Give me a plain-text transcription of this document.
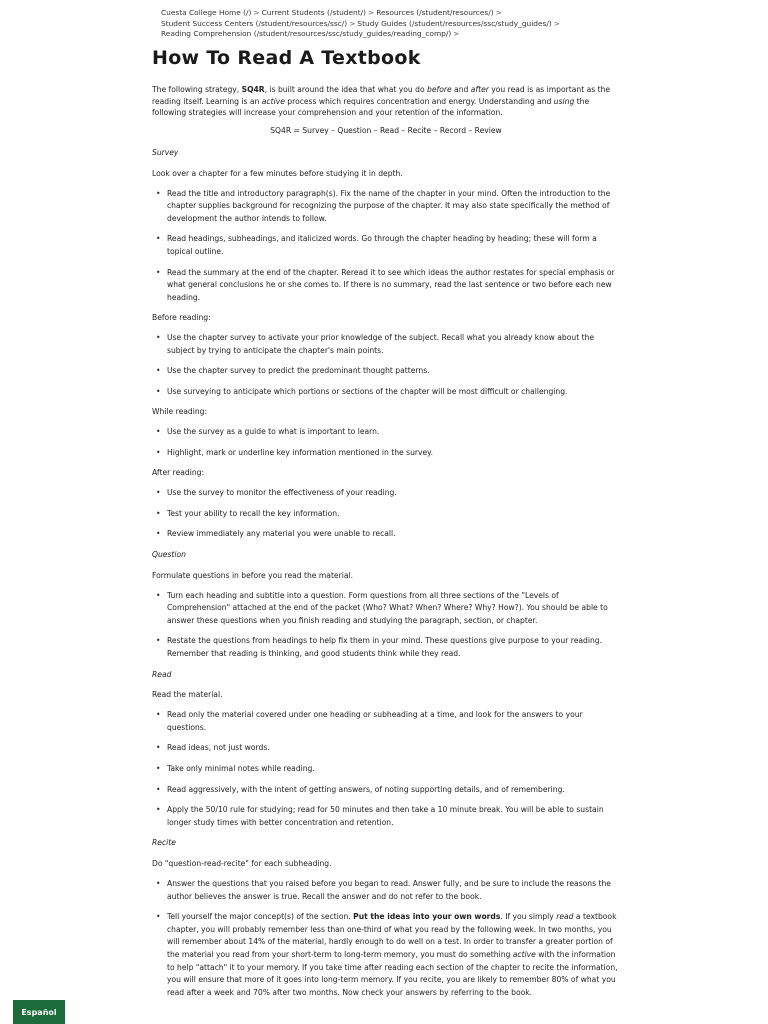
Cuesta College Home (/) > Current Students (/student/) > Resources (/student/resources/) >
Student Success Centers (/student/resources/ssc/) > Study Guides (/student/resources/ssc/study_guides/) >
Reading Comprehension (/student/resources/ssc/study_guides/reading_comp/) >
How To Read A Textbook

The following strategy, SQ4R, is built around the idea that what you do before and after you read is as important as the reading itself. Learning is an active process which requires concentration and energy. Understanding and using the following strategies will increase your comprehension and your retention of the information.

SQ4R = Survey – Question – Read – Recite – Record – Review

Survey

Look over a chapter for a few minutes before studying it in depth.

• Read the title and introductory paragraph(s). Fix the name of the chapter in your mind. Often the introduction to the chapter supplies background for recognizing the purpose of the chapter. It may also state specifically the method of development the author intends to follow.
• Read headings, subheadings, and italicized words. Go through the chapter heading by heading; these will form a topical outline.
• Read the summary at the end of the chapter. Reread it to see which ideas the author restates for special emphasis or what general conclusions he or she comes to. If there is no summary, read the last sentence or two before each new heading.

Before reading:

• Use the chapter survey to activate your prior knowledge of the subject. Recall what you already know about the subject by trying to anticipate the chapter's main points.
• Use the chapter survey to predict the predominant thought patterns.
• Use surveying to anticipate which portions or sections of the chapter will be most difficult or challenging.

While reading:

• Use the survey as a guide to what is important to learn.
• Highlight, mark or underline key information mentioned in the survey.

After reading:

• Use the survey to monitor the effectiveness of your reading.
• Test your ability to recall the key information.
• Review immediately any material you were unable to recall.

Question

Formulate questions in before you read the material.

• Turn each heading and subtitle into a question. Form questions from all three sections of the "Levels of Comprehension" attached at the end of the packet (Who? What? When? Where? Why? How?). You should be able to answer these questions when you finish reading and studying the paragraph, section, or chapter.
• Restate the questions from headings to help fix them in your mind. These questions give purpose to your reading. Remember that reading is thinking, and good students think while they read.

Read

Read the material.

• Read only the material covered under one heading or subheading at a time, and look for the answers to your questions.
• Read ideas, not just words.
• Take only minimal notes while reading.
• Read aggressively, with the intent of getting answers, of noting supporting details, and of remembering.
• Apply the 50/10 rule for studying; read for 50 minutes and then take a 10 minute break. You will be able to sustain longer study times with better concentration and retention.

Recite

Do "question-read-recite" for each subheading.

• Answer the questions that you raised before you began to read. Answer fully, and be sure to include the reasons the author believes the answer is true. Recall the answer and do not refer to the book.
• Tell yourself the major concept(s) of the section. Put the ideas into your own words. If you simply read a textbook chapter, you will probably remember less than one-third of what you read by the following week. In two months, you will remember about 14% of the material, hardly enough to do well on a test. In order to transfer a greater portion of the material you read from your short-term to long-term memory, you must do something active with the information to help "attach" it to your memory. If you take time after reading each section of the chapter to recite the information, you will ensure that more of it goes into long-term memory. If you recite, you are likely to remember 80% of what you read after a week and 70% after two months. Now check your answers by referring to the book.
Español
